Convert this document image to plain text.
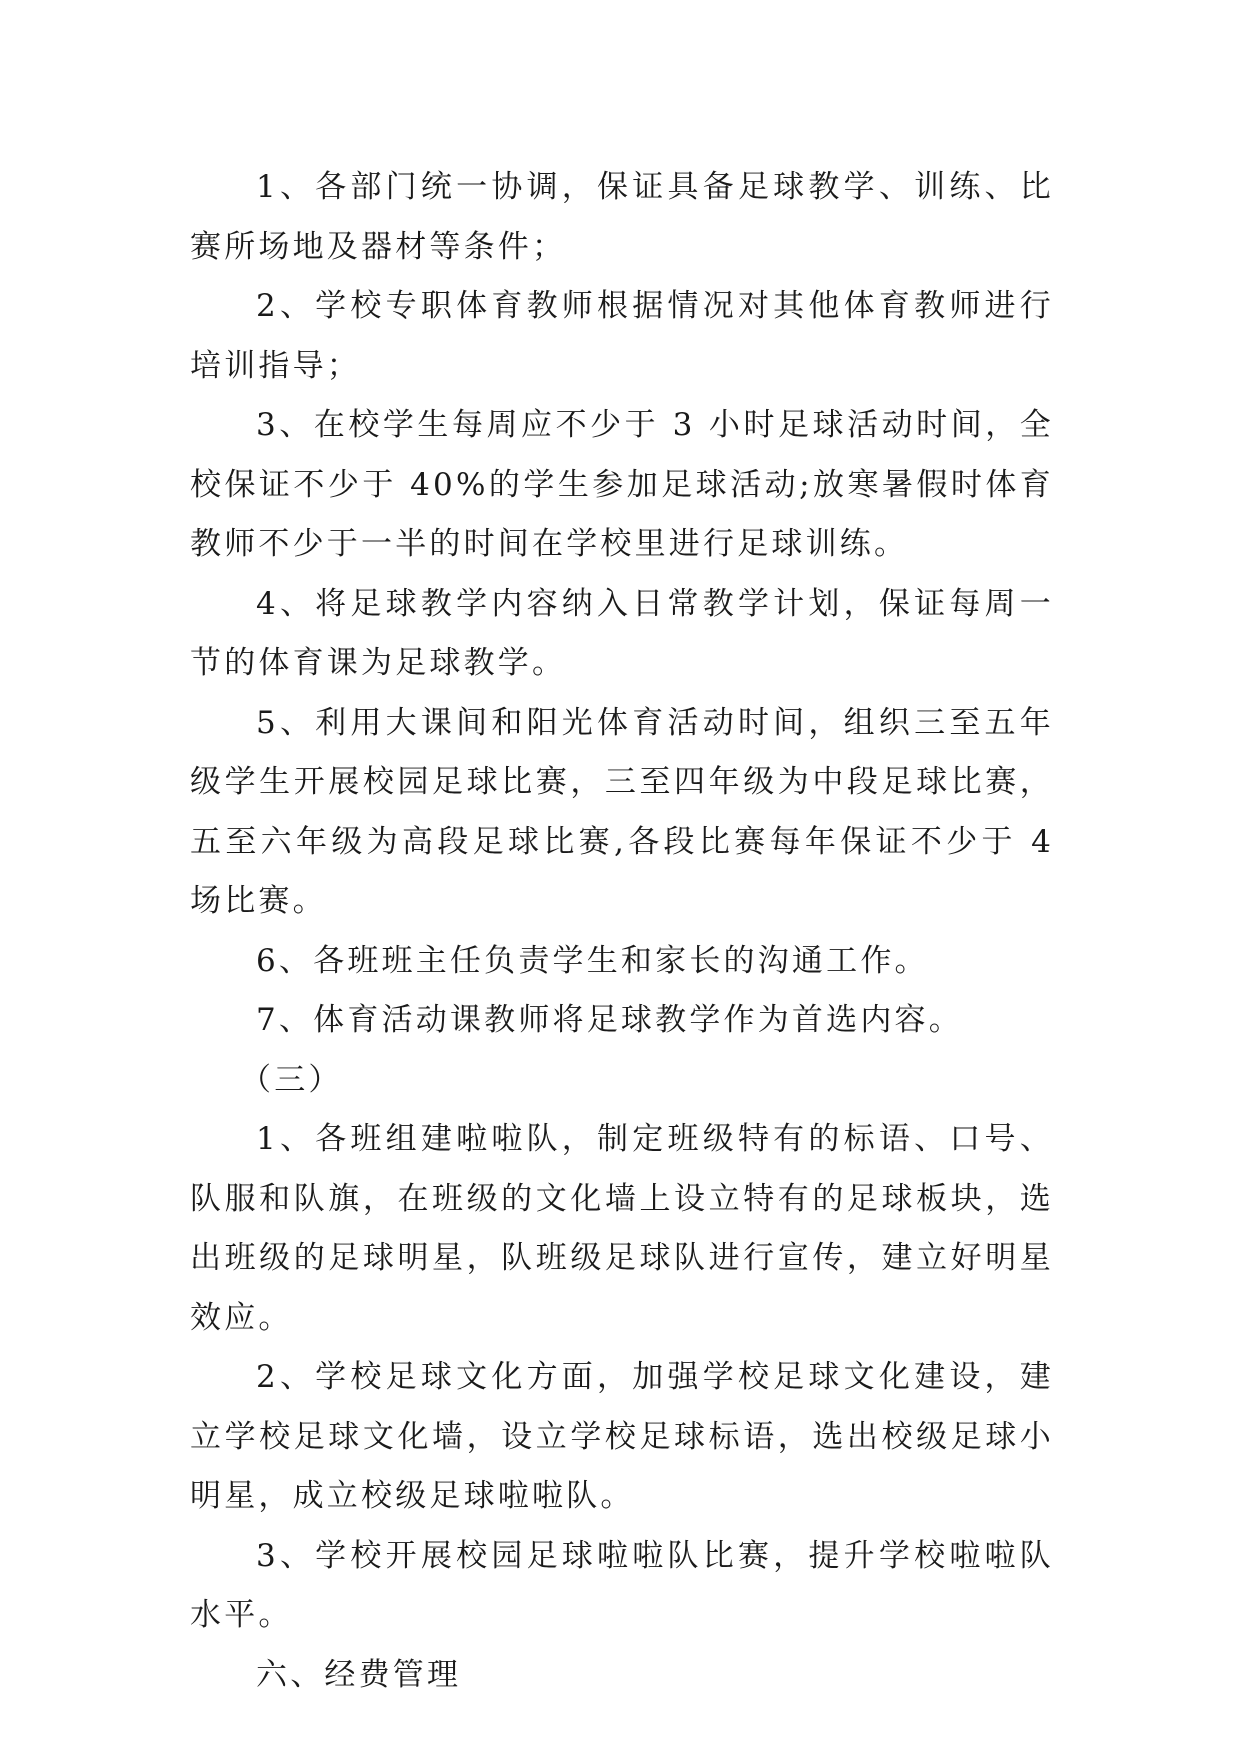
1、各部门统一协调，保证具备足球教学、训练、比赛所场地及器材等条件；

2、学校专职体育教师根据情况对其他体育教师进行培训指导；

3、在校学生每周应不少于 3 小时足球活动时间，全校保证不少于 40%的学生参加足球活动;放寒暑假时体育教师不少于一半的时间在学校里进行足球训练。

4、将足球教学内容纳入日常教学计划，保证每周一节的体育课为足球教学。

5、利用大课间和阳光体育活动时间，组织三至五年级学生开展校园足球比赛，三至四年级为中段足球比赛，五至六年级为高段足球比赛,各段比赛每年保证不少于 4 场比赛。

6、各班班主任负责学生和家长的沟通工作。

7、体育活动课教师将足球教学作为首选内容。

（三）

1、各班组建啦啦队，制定班级特有的标语、口号、队服和队旗，在班级的文化墙上设立特有的足球板块，选出班级的足球明星，队班级足球队进行宣传，建立好明星效应。

2、学校足球文化方面，加强学校足球文化建设，建立学校足球文化墙，设立学校足球标语，选出校级足球小明星，成立校级足球啦啦队。

3、学校开展校园足球啦啦队比赛，提升学校啦啦队水平。

六、经费管理
